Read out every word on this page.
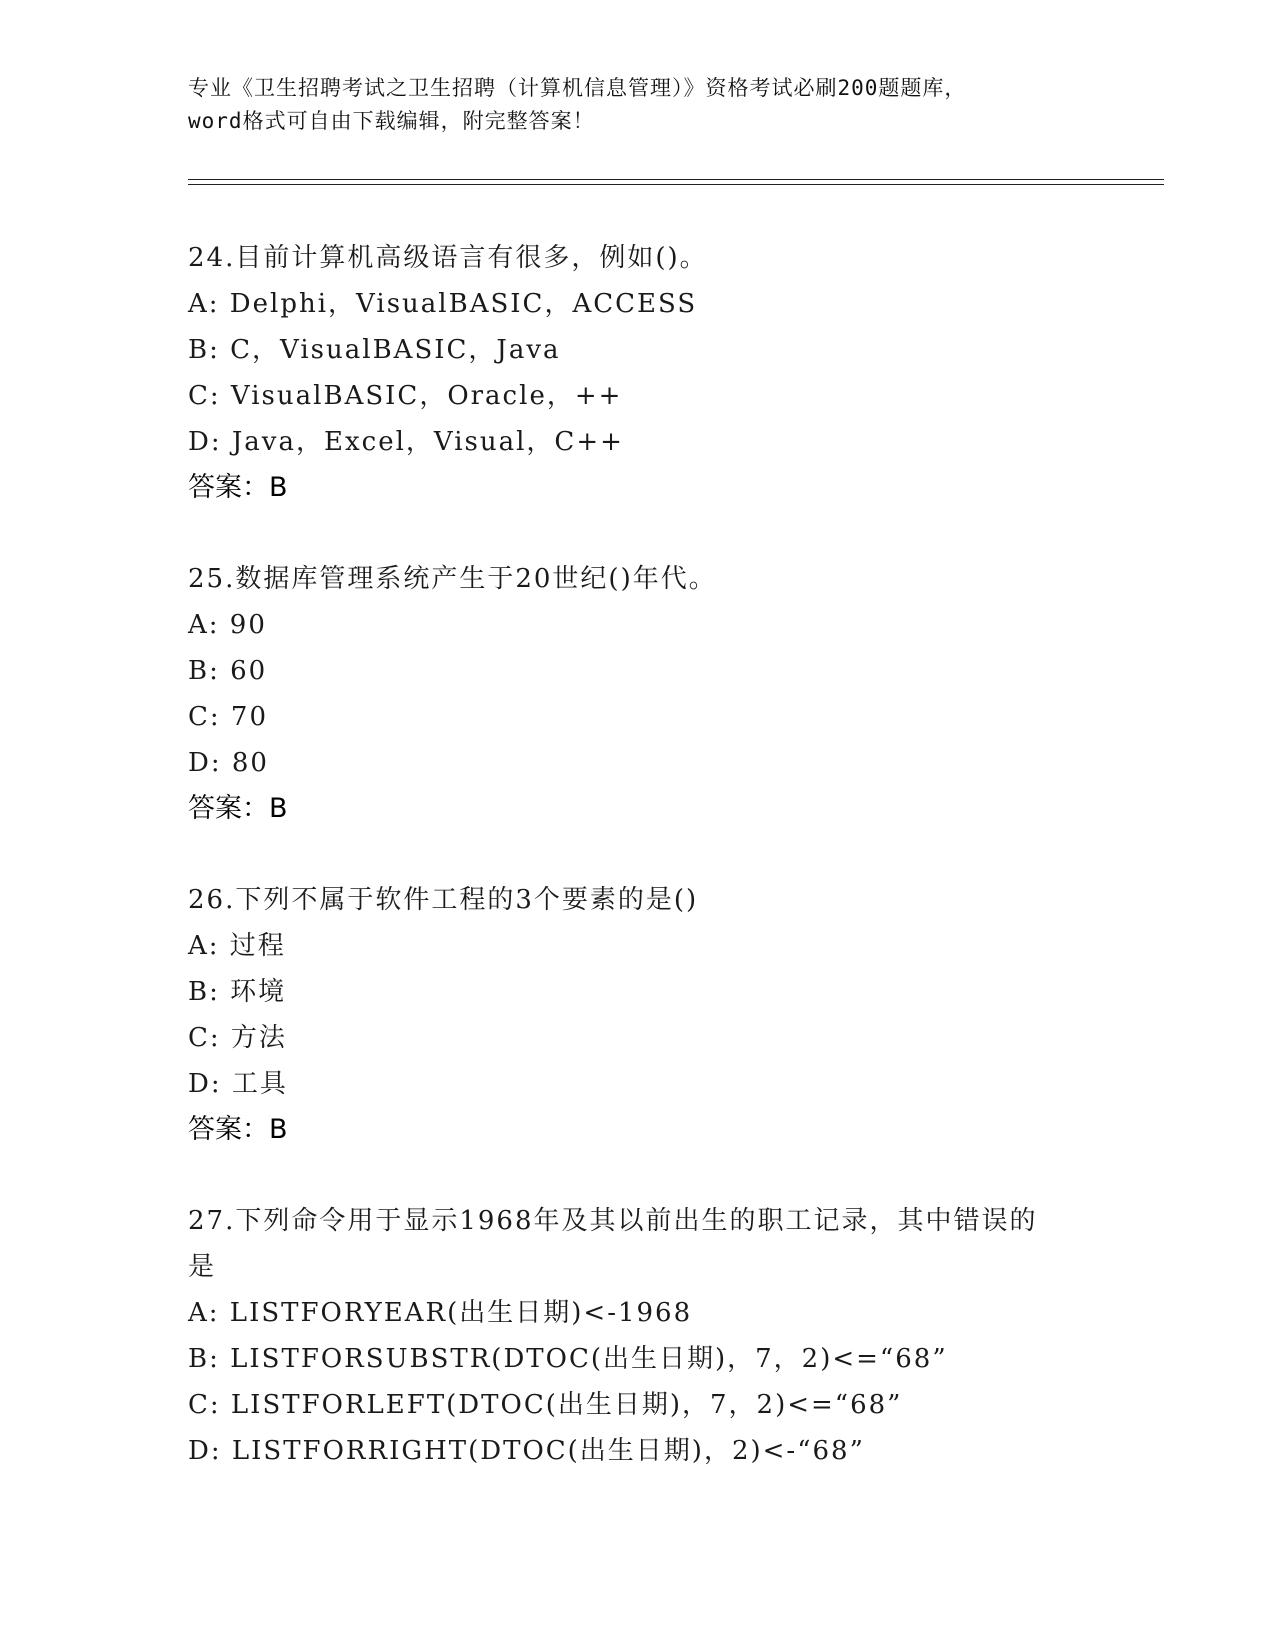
专业《卫生招聘考试之卫生招聘（计算机信息管理）》资格考试必刷200题题库，
word格式可自由下载编辑，附完整答案！
24.目前计算机高级语言有很多，例如()。
A: Delphi，VisualBASIC，ACCESS
B: C，VisualBASIC，Java
C: VisualBASIC，Oracle，++
D: Java，Excel，Visual，C++
答案：B
25.数据库管理系统产生于20世纪()年代。
A: 90
B: 60
C: 70
D: 80
答案：B
26.下列不属于软件工程的3个要素的是()
A: 过程
B: 环境
C: 方法
D: 工具
答案：B
27.下列命令用于显示1968年及其以前出生的职工记录，其中错误的
是
A: LISTFORYEAR(出生日期)<-1968
B: LISTFORSUBSTR(DTOC(出生日期)，7，2)<=“68”
C: LISTFORLEFT(DTOC(出生日期)，7，2)<=“68”
D: LISTFORRIGHT(DTOC(出生日期)，2)<-“68”
